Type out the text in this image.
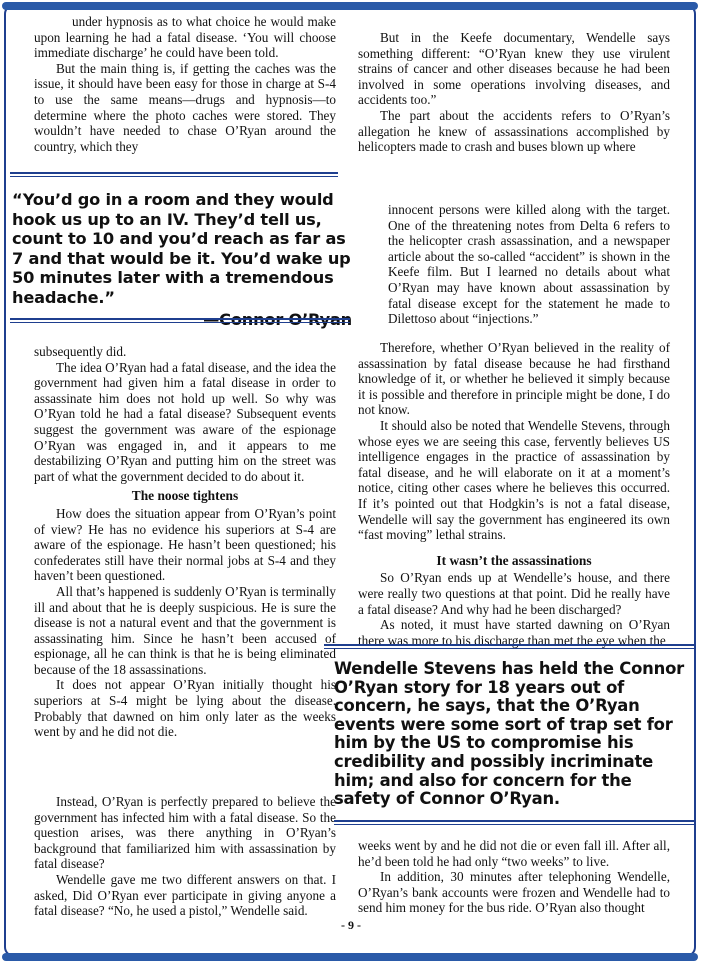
under hypnosis as to what choice he would make upon learning he had a fatal disease. ‘You will choose immediate discharge’ he could have been told.

But the main thing is, if getting the caches was the issue, it should have been easy for those in charge at S-4 to use the same means—drugs and hypnosis—to determine where the photo caches were stored. They wouldn’t have needed to chase O’Ryan around the country, which they

“You’d go in a room and they would hook us up to an IV. They’d tell us, count to 10 and you’d reach as far as 7 and that would be it. You’d wake up 50 minutes later with a tremendous headache.”
—Connor O’Ryan

subsequently did.

The idea O’Ryan had a fatal disease, and the idea the government had given him a fatal disease in order to assassinate him does not hold up well. So why was O’Ryan told he had a fatal disease? Subsequent events suggest the government was aware of the espionage O’Ryan was engaged in, and it appears to me destabilizing O’Ryan and putting him on the street was part of what the government decided to do about it.

The noose tightens

How does the situation appear from O’Ryan’s point of view? He has no evidence his superiors at S-4 are aware of the espionage. He hasn’t been questioned; his confederates still have their normal jobs at S-4 and they haven’t been questioned.

All that’s happened is suddenly O’Ryan is terminally ill and about that he is deeply suspicious. He is sure the disease is not a natural event and that the government is assassinating him. Since he hasn’t been accused of espionage, all he can think is that he is being eliminated because of the 18 assassinations.

It does not appear O’Ryan initially thought his superiors at S-4 might be lying about the disease. Probably that dawned on him only later as the weeks went by and he did not die.

Instead, O’Ryan is perfectly prepared to believe the government has infected him with a fatal disease. So the question arises, was there anything in O’Ryan’s background that familiarized him with assassination by fatal disease?

Wendelle gave me two different answers on that. I asked, Did O’Ryan ever participate in giving anyone a fatal disease? “No, he used a pistol,” Wendelle said.

But in the Keefe documentary, Wendelle says something different: “O’Ryan knew they use virulent strains of cancer and other diseases because he had been involved in some operations involving diseases, and accidents too.”

The part about the accidents refers to O’Ryan’s allegation he knew of assassinations accomplished by helicopters made to crash and buses blown up where

innocent persons were killed along with the target. One of the threatening notes from Delta 6 refers to the helicopter crash assassination, and a newspaper article about the so-called “accident” is shown in the Keefe film. But I learned no details about what O’Ryan may have known about assassination by fatal disease except for the statement he made to Dilettoso about “injections.”

Therefore, whether O’Ryan believed in the reality of assassination by fatal disease because he had firsthand knowledge of it, or whether he believed it simply because it is possible and therefore in principle might be done, I do not know.

It should also be noted that Wendelle Stevens, through whose eyes we are seeing this case, fervently believes US intelligence engages in the practice of assassination by fatal disease, and he will elaborate on it at a moment’s notice, citing other cases where he believes this occurred. If it’s pointed out that Hodgkin’s is not a fatal disease, Wendelle will say the government has engineered its own “fast moving” lethal strains.

It wasn’t the assassinations

So O’Ryan ends up at Wendelle’s house, and there were really two questions at that point. Did he really have a fatal disease? And why had he been discharged?

As noted, it must have started dawning on O’Ryan there was more to his discharge than met the eye when the

Wendelle Stevens has held the Connor O’Ryan story for 18 years out of concern, he says, that the O’Ryan events were some sort of trap set for him by the US to compromise his credibility and possibly incriminate him; and also for concern for the safety of Connor O’Ryan.

weeks went by and he did not die or even fall ill. After all, he’d been told he had only “two weeks” to live.

In addition, 30 minutes after telephoning Wendelle, O’Ryan’s bank accounts were frozen and Wendelle had to send him money for the bus ride. O’Ryan also thought

- 9 -
